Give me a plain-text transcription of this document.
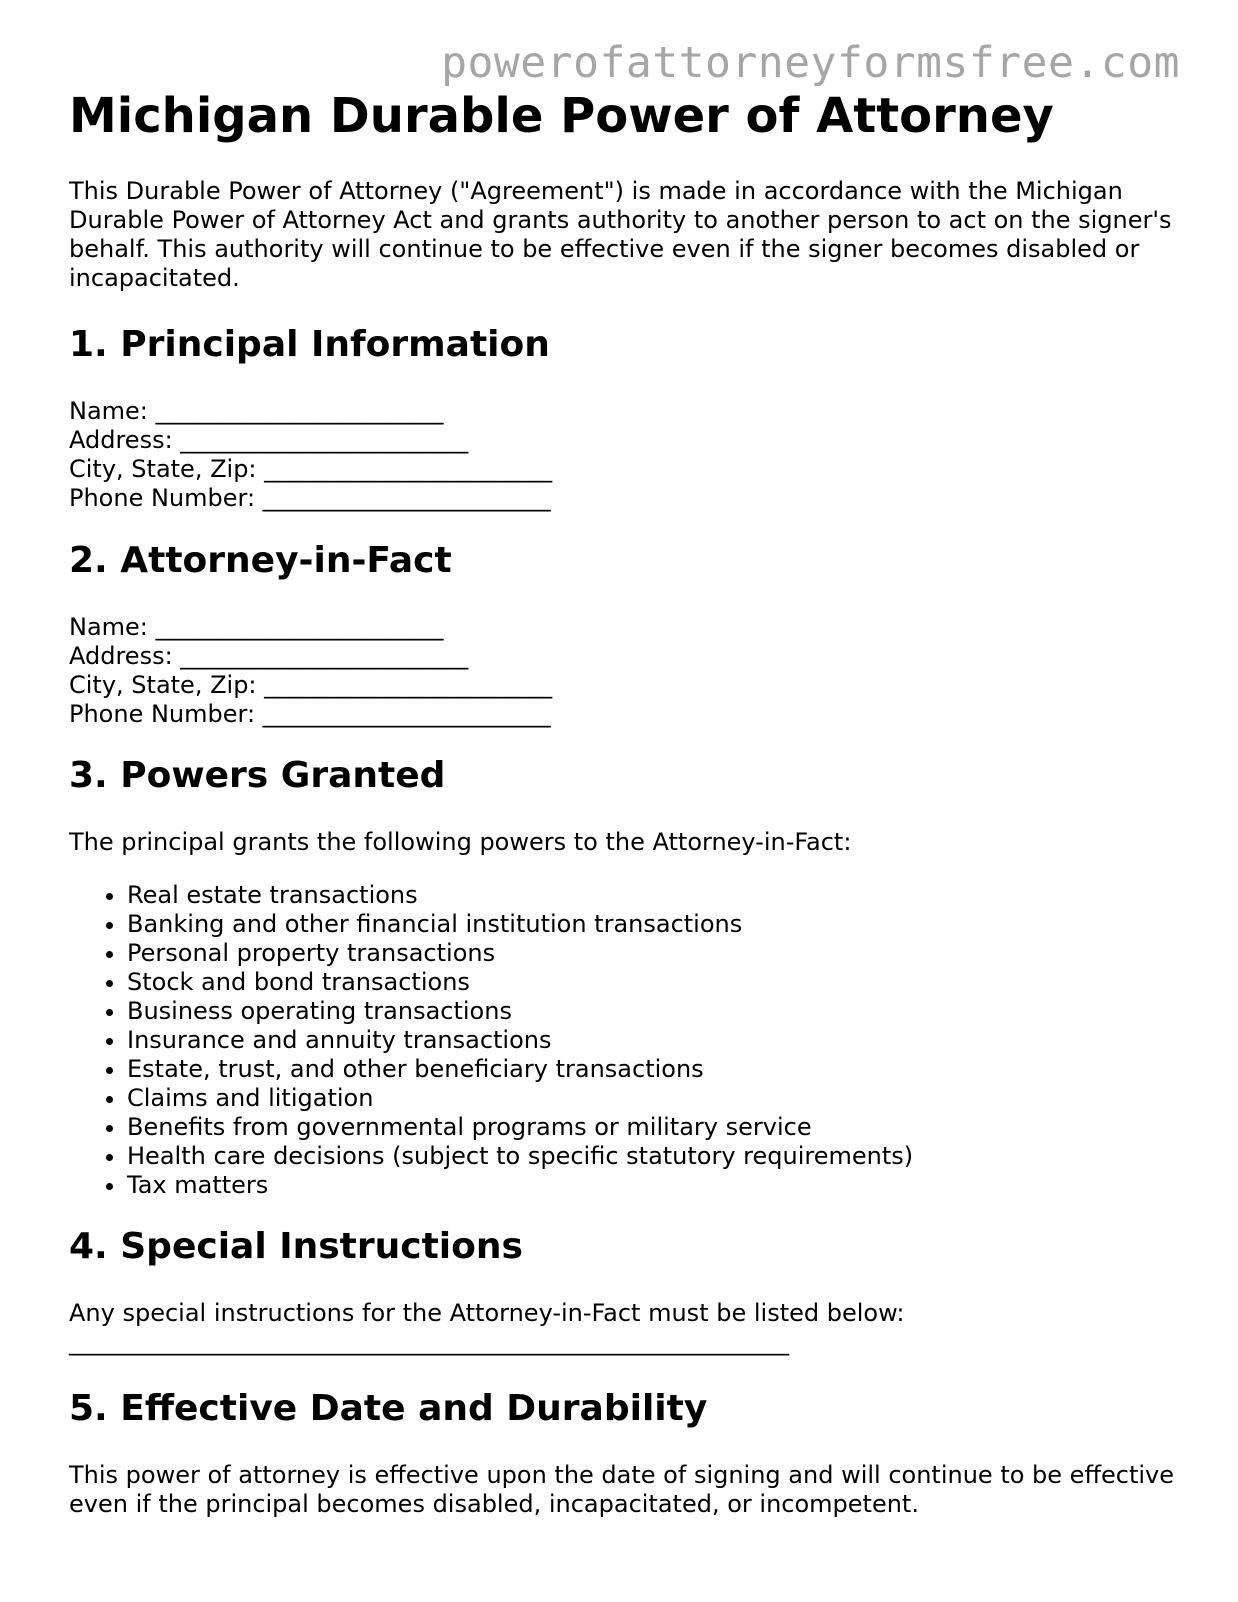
powerofattorneyformsfree.com
Michigan Durable Power of Attorney

This Durable Power of Attorney ("Agreement") is made in accordance with the Michigan Durable Power of Attorney Act and grants authority to another person to act on the signer's behalf. This authority will continue to be effective even if the signer becomes disabled or incapacitated.

1. Principal Information
Name: ________________________
Address: ________________________
City, State, Zip: ________________________
Phone Number: ________________________
2. Attorney-in-Fact
Name: ________________________
Address: ________________________
City, State, Zip: ________________________
Phone Number: ________________________
3. Powers Granted

The principal grants the following powers to the Attorney-in-Fact:

• Real estate transactions
• Banking and other financial institution transactions
• Personal property transactions
• Stock and bond transactions
• Business operating transactions
• Insurance and annuity transactions
• Estate, trust, and other beneficiary transactions
• Claims and litigation
• Benefits from governmental programs or military service
• Health care decisions (subject to specific statutory requirements)
• Tax matters
4. Special Instructions

Any special instructions for the Attorney-in-Fact must be listed below:

____________________________________________________________
5. Effective Date and Durability

This power of attorney is effective upon the date of signing and will continue to be effective even if the principal becomes disabled, incapacitated, or incompetent.
